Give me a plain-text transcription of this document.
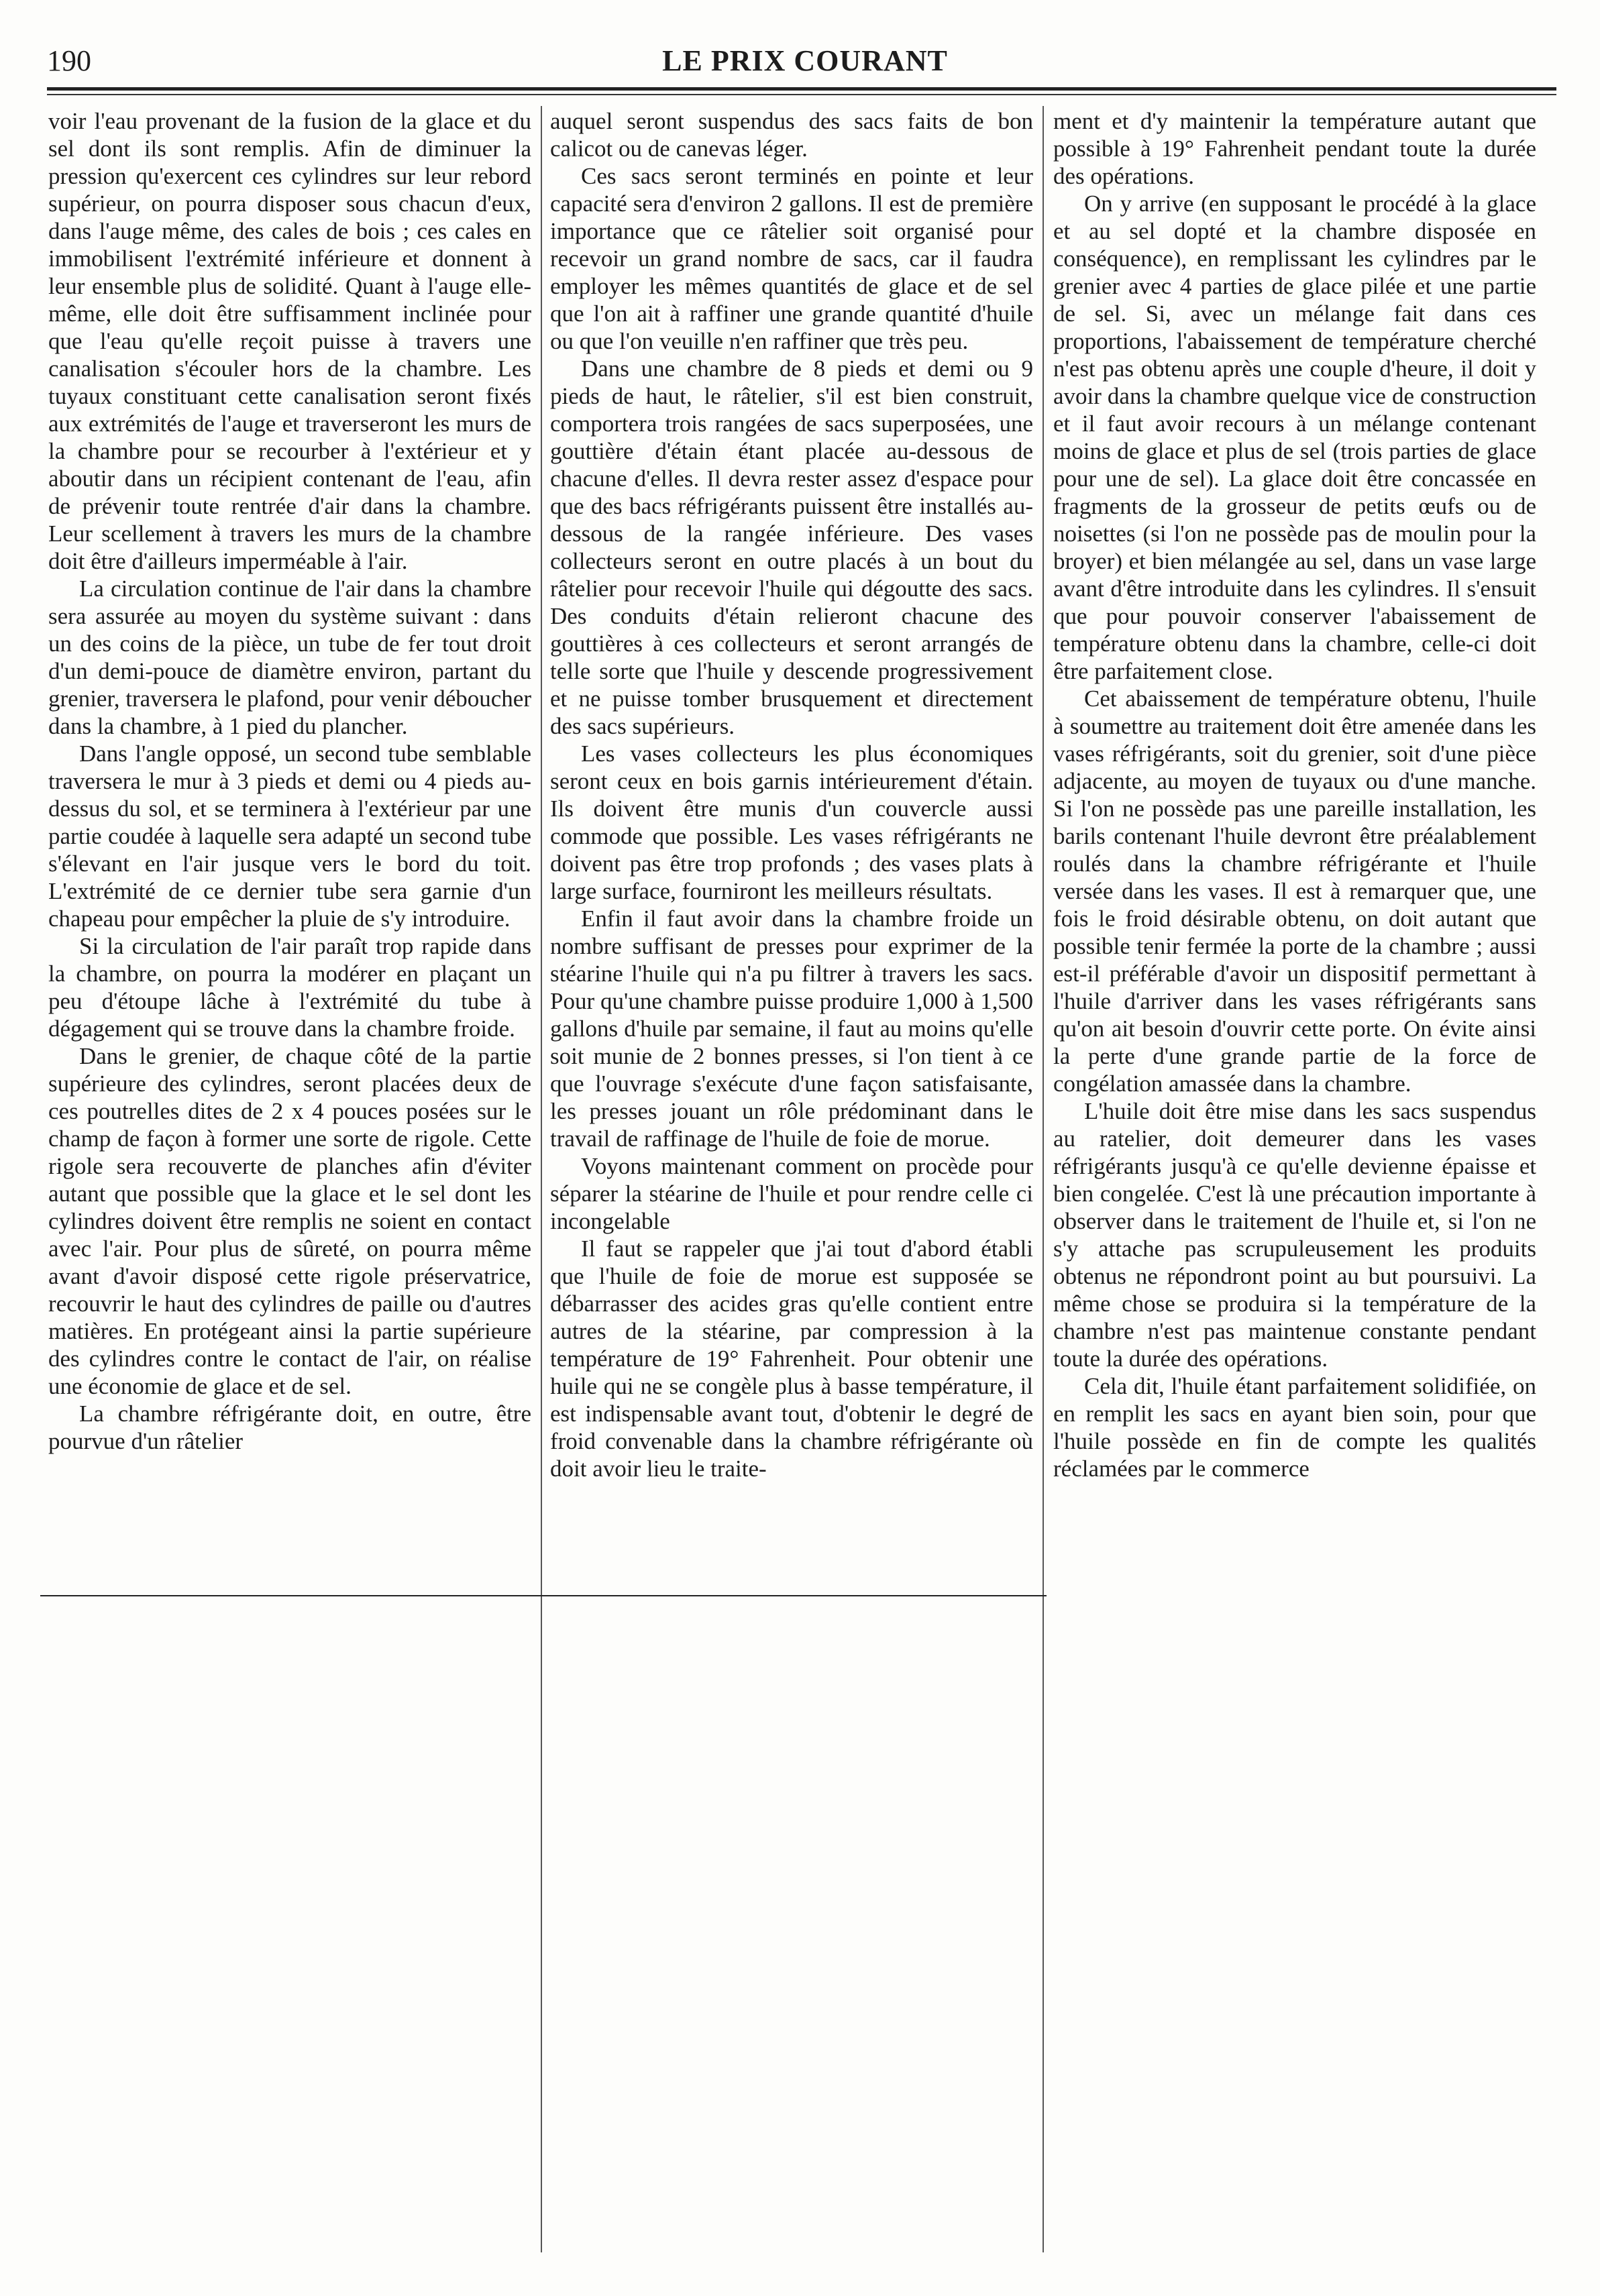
190	LE PRIX COURANT

voir l'eau provenant de la fusion de la glace et du sel dont ils sont remplis. Afin de diminuer la pression qu'exercent ces cylindres sur leur rebord supérieur, on pourra disposer sous chacun d'eux, dans l'auge même, des cales de bois ; ces cales en immobilisent l'extrémité inférieure et donnent à leur ensemble plus de solidité. Quant à l'auge elle-même, elle doit être suffisamment inclinée pour que l'eau qu'elle reçoit puisse à travers une canalisation s'écouler hors de la chambre. Les tuyaux constituant cette canalisation seront fixés aux extrémités de l'auge et traverseront les murs de la chambre pour se recourber à l'extérieur et y aboutir dans un récipient contenant de l'eau, afin de prévenir toute rentrée d'air dans la chambre. Leur scellement à travers les murs de la chambre doit être d'ailleurs imperméable à l'air.

La circulation continue de l'air dans la chambre sera assurée au moyen du système suivant : dans un des coins de la pièce, un tube de fer tout droit d'un demi-pouce de diamètre environ, partant du grenier, traversera le plafond, pour venir déboucher dans la chambre, à 1 pied du plancher.

Dans l'angle opposé, un second tube semblable traversera le mur à 3 pieds et demi ou 4 pieds au-dessus du sol, et se terminera à l'extérieur par une partie coudée à laquelle sera adapté un second tube s'élevant en l'air jusque vers le bord du toit. L'extrémité de ce dernier tube sera garnie d'un chapeau pour empêcher la pluie de s'y introduire.

Si la circulation de l'air paraît trop rapide dans la chambre, on pourra la modérer en plaçant un peu d'étoupe lâche à l'extrémité du tube à dégagement qui se trouve dans la chambre froide.

Dans le grenier, de chaque côté de la partie supérieure des cylindres, seront placées deux de ces poutrelles dites de 2 x 4 pouces posées sur le champ de façon à former une sorte de rigole. Cette rigole sera recouverte de planches afin d'éviter autant que possible que la glace et le sel dont les cylindres doivent être remplis ne soient en contact avec l'air. Pour plus de sûreté, on pourra même avant d'avoir disposé cette rigole préservatrice, recouvrir le haut des cylindres de paille ou d'autres matières. En protégeant ainsi la partie supérieure des cylindres contre le contact de l'air, on réalise une économie de glace et de sel.

La chambre réfrigérante doit, en outre, être pourvue d'un râtelier

auquel seront suspendus des sacs faits de bon calicot ou de canevas léger.

Ces sacs seront terminés en pointe et leur capacité sera d'environ 2 gallons. Il est de première importance que ce râtelier soit organisé pour recevoir un grand nombre de sacs, car il faudra employer les mêmes quantités de glace et de sel que l'on ait à raffiner une grande quantité d'huile ou que l'on veuille n'en raffiner que très peu.

Dans une chambre de 8 pieds et demi ou 9 pieds de haut, le râtelier, s'il est bien construit, comportera trois rangées de sacs superposées, une gouttière d'étain étant placée au-dessous de chacune d'elles. Il devra rester assez d'espace pour que des bacs réfrigérants puissent être installés au-dessous de la rangée inférieure. Des vases collecteurs seront en outre placés à un bout du râtelier pour recevoir l'huile qui dégoutte des sacs. Des conduits d'étain relieront chacune des gouttières à ces collecteurs et seront arrangés de telle sorte que l'huile y descende progressivement et ne puisse tomber brusquement et directement des sacs supérieurs.

Les vases collecteurs les plus économiques seront ceux en bois garnis intérieurement d'étain. Ils doivent être munis d'un couvercle aussi commode que possible. Les vases réfrigérants ne doivent pas être trop profonds ; des vases plats à large surface, fourniront les meilleurs résultats.

Enfin il faut avoir dans la chambre froide un nombre suffisant de presses pour exprimer de la stéarine l'huile qui n'a pu filtrer à travers les sacs. Pour qu'une chambre puisse produire 1,000 à 1,500 gallons d'huile par semaine, il faut au moins qu'elle soit munie de 2 bonnes presses, si l'on tient à ce que l'ouvrage s'exécute d'une façon satisfaisante, les presses jouant un rôle prédominant dans le travail de raffinage de l'huile de foie de morue.

Voyons maintenant comment on procède pour séparer la stéarine de l'huile et pour rendre celle ci incongelable

Il faut se rappeler que j'ai tout d'abord établi que l'huile de foie de morue est supposée se débarrasser des acides gras qu'elle contient entre autres de la stéarine, par compression à la température de 19° Fahrenheit. Pour obtenir une huile qui ne se congèle plus à basse température, il est indispensable avant tout, d'obtenir le degré de froid convenable dans la chambre réfrigérante où doit avoir lieu le traite-

ment et d'y maintenir la température autant que possible à 19° Fahrenheit pendant toute la durée des opérations.

On y arrive (en supposant le procédé à la glace et au sel dopté et la chambre disposée en conséquence), en remplissant les cylindres par le grenier avec 4 parties de glace pilée et une partie de sel. Si, avec un mélange fait dans ces proportions, l'abaissement de température cherché n'est pas obtenu après une couple d'heure, il doit y avoir dans la chambre quelque vice de construction et il faut avoir recours à un mélange contenant moins de glace et plus de sel (trois parties de glace pour une de sel). La glace doit être concassée en fragments de la grosseur de petits œufs ou de noisettes (si l'on ne possède pas de moulin pour la broyer) et bien mélangée au sel, dans un vase large avant d'être introduite dans les cylindres. Il s'ensuit que pour pouvoir conserver l'abaissement de température obtenu dans la chambre, celle-ci doit être parfaitement close.

Cet abaissement de température obtenu, l'huile à soumettre au traitement doit être amenée dans les vases réfrigérants, soit du grenier, soit d'une pièce adjacente, au moyen de tuyaux ou d'une manche. Si l'on ne possède pas une pareille installation, les barils contenant l'huile devront être préalablement roulés dans la chambre réfrigérante et l'huile versée dans les vases. Il est à remarquer que, une fois le froid désirable obtenu, on doit autant que possible tenir fermée la porte de la chambre ; aussi est-il préférable d'avoir un dispositif permettant à l'huile d'arriver dans les vases réfrigérants sans qu'on ait besoin d'ouvrir cette porte. On évite ainsi la perte d'une grande partie de la force de congélation amassée dans la chambre.

L'huile doit être mise dans les sacs suspendus au ratelier, doit demeurer dans les vases réfrigérants jusqu'à ce qu'elle devienne épaisse et bien congelée. C'est là une précaution importante à observer dans le traitement de l'huile et, si l'on ne s'y attache pas scrupuleusement les produits obtenus ne répondront point au but poursuivi. La même chose se produira si la température de la chambre n'est pas maintenue constante pendant toute la durée des opérations.

Cela dit, l'huile étant parfaitement solidifiée, on en remplit les sacs en ayant bien soin, pour que l'huile possède en fin de compte les qualités réclamées par le commerce
